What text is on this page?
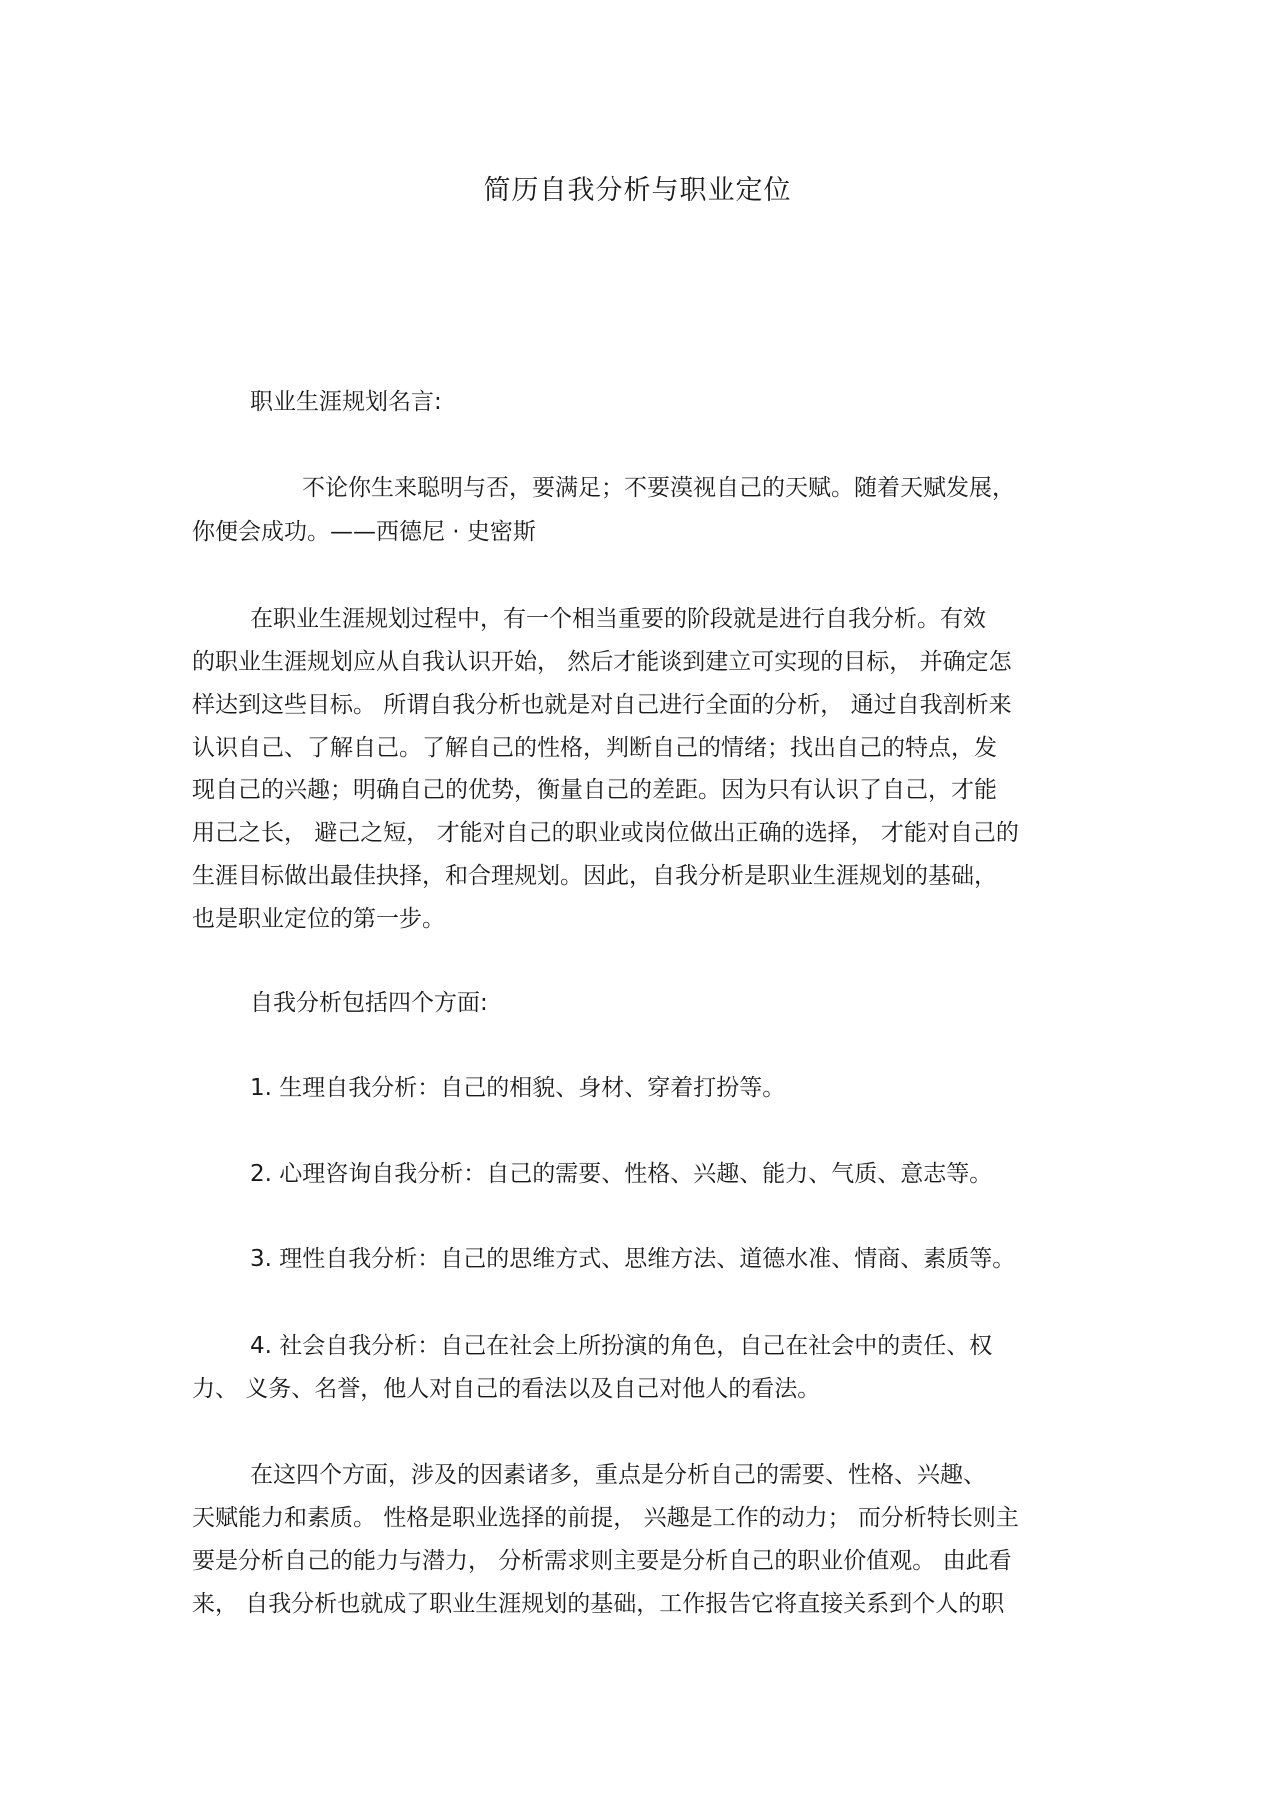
简历自我分析与职业定位
职业生涯规划名言:
不论你生来聪明与否，要满足；不要漠视自己的天赋。随着天赋发展，
你便会成功。——西德尼 · 史密斯
在职业生涯规划过程中，有一个相当重要的阶段就是进行自我分析。有效
的职业生涯规划应从自我认识开始， 然后才能谈到建立可实现的目标， 并确定怎
样达到这些目标。 所谓自我分析也就是对自己进行全面的分析， 通过自我剖析来
认识自己、了解自己。了解自己的性格，判断自己的情绪；找出自己的特点，发
现自己的兴趣；明确自己的优势，衡量自己的差距。因为只有认识了自己，才能
用己之长， 避己之短， 才能对自己的职业或岗位做出正确的选择， 才能对自己的
生涯目标做出最佳抉择，和合理规划。因此，自我分析是职业生涯规划的基础，
也是职业定位的第一步。
自我分析包括四个方面:
1. 生理自我分析：自己的相貌、身材、穿着打扮等。
2. 心理咨询自我分析：自己的需要、性格、兴趣、能力、气质、意志等。
3. 理性自我分析：自己的思维方式、思维方法、道德水准、情商、素质等。
4. 社会自我分析：自己在社会上所扮演的角色，自己在社会中的责任、权
力、 义务、名誉，他人对自己的看法以及自己对他人的看法。
在这四个方面，涉及的因素诸多，重点是分析自己的需要、性格、兴趣、
天赋能力和素质。 性格是职业选择的前提， 兴趣是工作的动力； 而分析特长则主
要是分析自己的能力与潜力， 分析需求则主要是分析自己的职业价值观。 由此看
来， 自我分析也就成了职业生涯规划的基础，工作报告它将直接关系到个人的职
